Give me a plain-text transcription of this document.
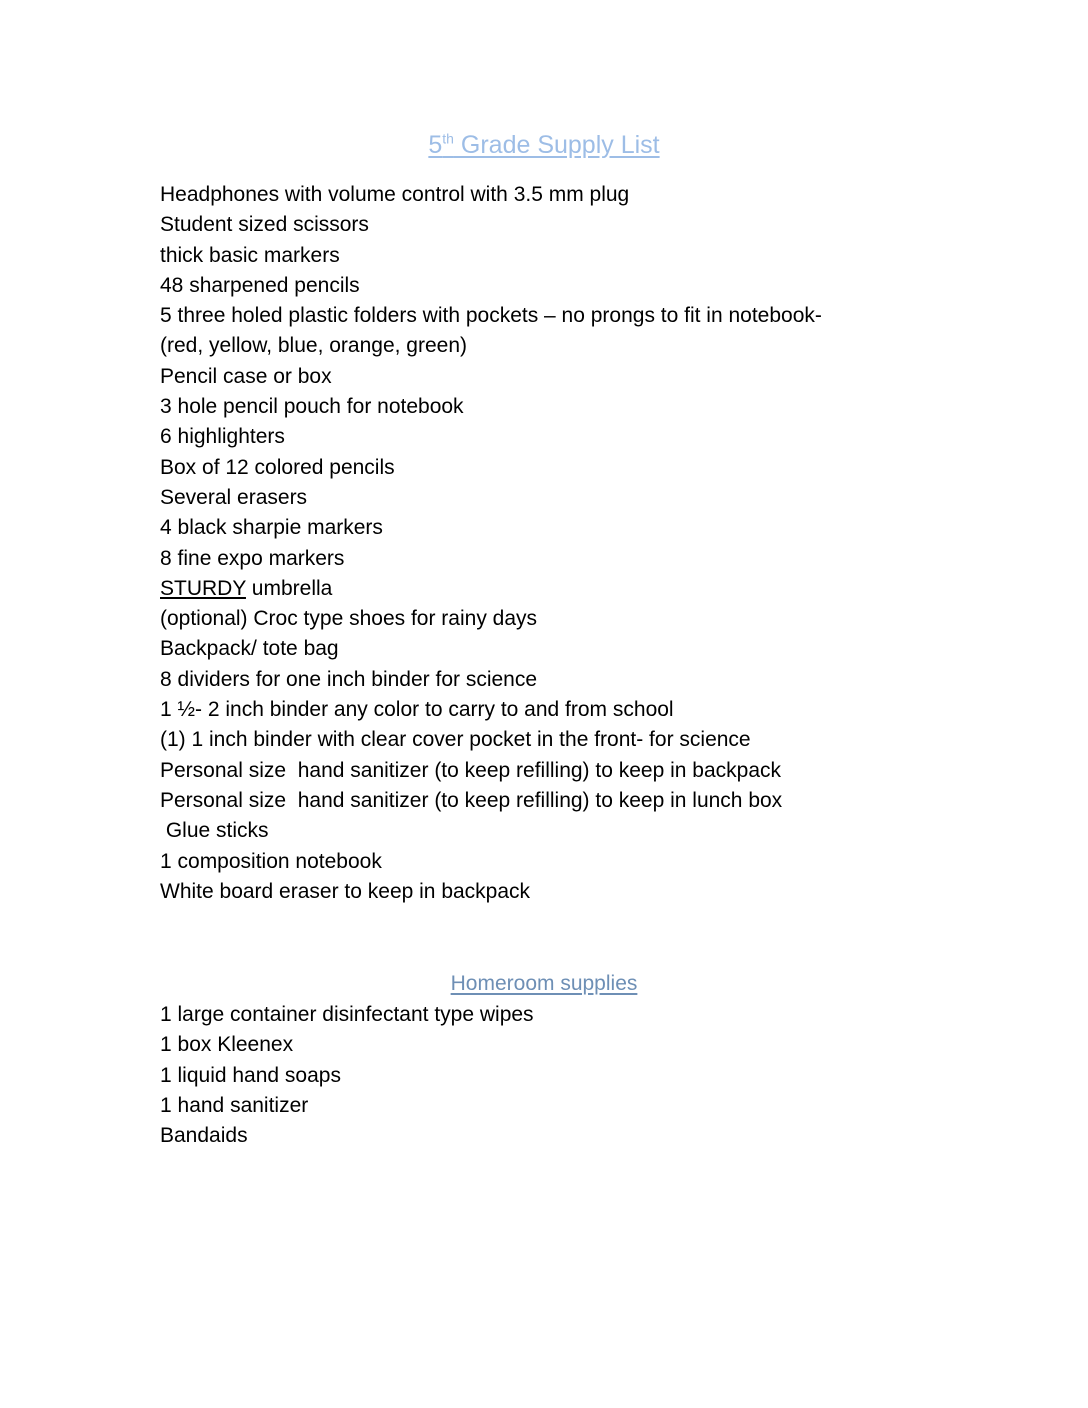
5th Grade Supply List
Headphones with volume control with 3.5 mm plug
Student sized scissors
thick basic markers
48 sharpened pencils
5 three holed plastic folders with pockets – no prongs to fit in notebook-
(red, yellow, blue, orange, green)
Pencil case or box
3 hole pencil pouch for notebook
6 highlighters
Box of 12 colored pencils
Several erasers
4 black sharpie markers
8 fine expo markers
STURDY umbrella
(optional) Croc type shoes for rainy days
Backpack/ tote bag
8 dividers for one inch binder for science
1 ½- 2 inch binder any color to carry to and from school
(1) 1 inch binder with clear cover pocket in the front- for science
Personal size  hand sanitizer (to keep refilling) to keep in backpack
Personal size  hand sanitizer (to keep refilling) to keep in lunch box
Glue sticks
1 composition notebook
White board eraser to keep in backpack
Homeroom supplies
1 large container disinfectant type wipes
1 box Kleenex
1 liquid hand soaps
1 hand sanitizer
Bandaids
